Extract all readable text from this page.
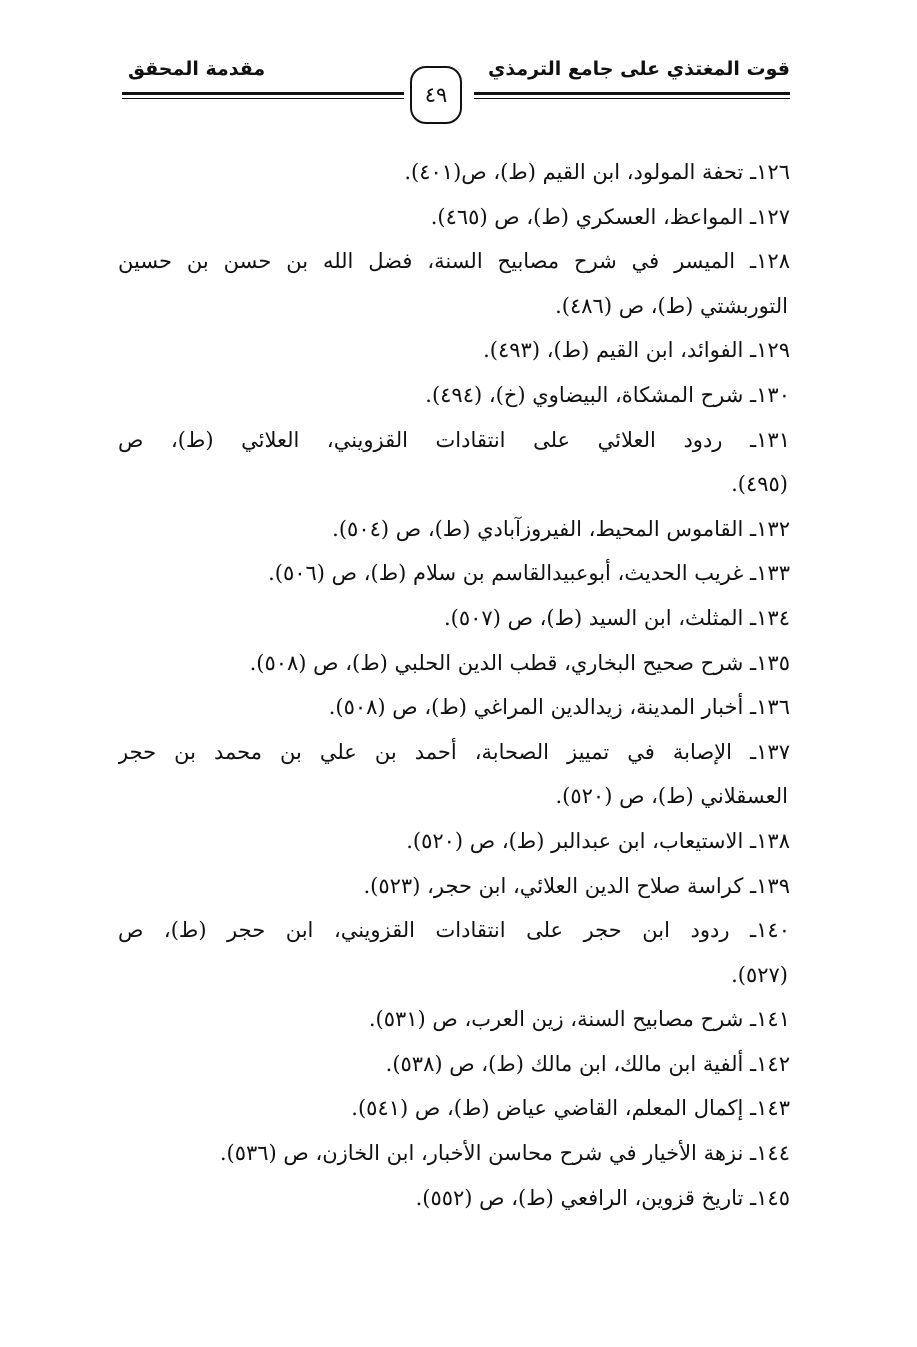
قوت المغتذي على جامع الترمذي
مقدمة المحقق
٤٩
١٢٦ـ تحفة المولود، ابن القيم (ط)، ص(٤٠١).
١٢٧ـ المواعظ، العسكري (ط)، ص (٤٦٥).
١٢٨ـ الميسر في شرح مصابيح السنة، فضل الله بن حسن بن حسين
التوربشتي (ط)، ص (٤٨٦).
١٢٩ـ الفوائد، ابن القيم (ط)، (٤٩٣).
١٣٠ـ شرح المشكاة، البيضاوي (خ)، (٤٩٤).
١٣١ـ ردود العلائي على انتقادات القزويني، العلائي (ط)، ص
(٤٩٥).
١٣٢ـ القاموس المحيط، الفيروزآبادي (ط)، ص (٥٠٤).
١٣٣ـ غريب الحديث، أبوعبيدالقاسم بن سلام (ط)، ص (٥٠٦).
١٣٤ـ المثلث، ابن السيد (ط)، ص (٥٠٧).
١٣٥ـ شرح صحيح البخاري، قطب الدين الحلبي (ط)، ص (٥٠٨).
١٣٦ـ أخبار المدينة، زيدالدين المراغي (ط)، ص (٥٠٨).
١٣٧ـ الإصابة في تمييز الصحابة، أحمد بن علي بن محمد بن حجر
العسقلاني (ط)، ص (٥٢٠).
١٣٨ـ الاستيعاب، ابن عبدالبر (ط)، ص (٥٢٠).
١٣٩ـ كراسة صلاح الدين العلائي، ابن حجر، (٥٢٣).
١٤٠ـ ردود ابن حجر على انتقادات القزويني، ابن حجر (ط)، ص
(٥٢٧).
١٤١ـ شرح مصابيح السنة، زين العرب، ص (٥٣١).
١٤٢ـ ألفية ابن مالك، ابن مالك (ط)، ص (٥٣٨).
١٤٣ـ إكمال المعلم، القاضي عياض (ط)، ص (٥٤١).
١٤٤ـ نزهة الأخيار في شرح محاسن الأخبار، ابن الخازن، ص (٥٣٦).
١٤٥ـ تاريخ قزوين، الرافعي (ط)، ص (٥٥٢).
